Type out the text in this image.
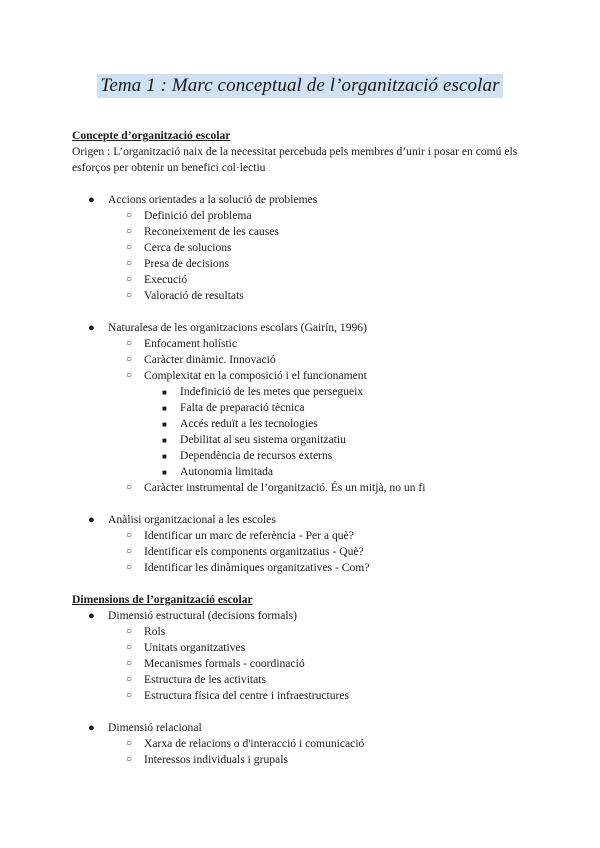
Tema 1 : Marc conceptual de l’organització escolar
Concepte d’organització escolar

Origen : L’organització naix de la necessitat percebuda pels membres d’unir i posar en comú els esforços per obtenir un benefici col·lectiu

● Accions orientades a la solució de problemes
○ Definició del problema
○ Reconeixement de les causes
○ Cerca de solucions
○ Presa de decisions
○ Execució
○ Valoració de resultats
● Naturalesa de les organitzacions escolars (Gairín, 1996)
○ Enfocament holístic
○ Caràcter dinàmic. Innovació
○ Complexitat en la composició i el funcionament
■ Indefinició de les metes que persegueix
■ Falta de preparació tècnica
■ Accés reduït a les tecnologies
■ Debilitat al seu sistema organitzatiu
■ Dependència de recursos externs
■ Autonomia limitada
○ Caràcter instrumental de l’organització. És un mitjà, no un fi
● Anàlisi organitzacional a les escoles
○ Identificar un marc de referència - Per a què?
○ Identificar els components organitzatius - Què?
○ Identificar les dinàmiques organitzatives - Com?
Dimensions de l’organització escolar
● Dimensió estructural (decisions formals)
○ Rols
○ Unitats organitzatives
○ Mecanismes formals - coordinació
○ Estructura de les activitats
○ Estructura física del centre i infraestructures
● Dimensió relacional
○ Xarxa de relacions o d'interacció i comunicació
○ Interessos individuals i grupals
